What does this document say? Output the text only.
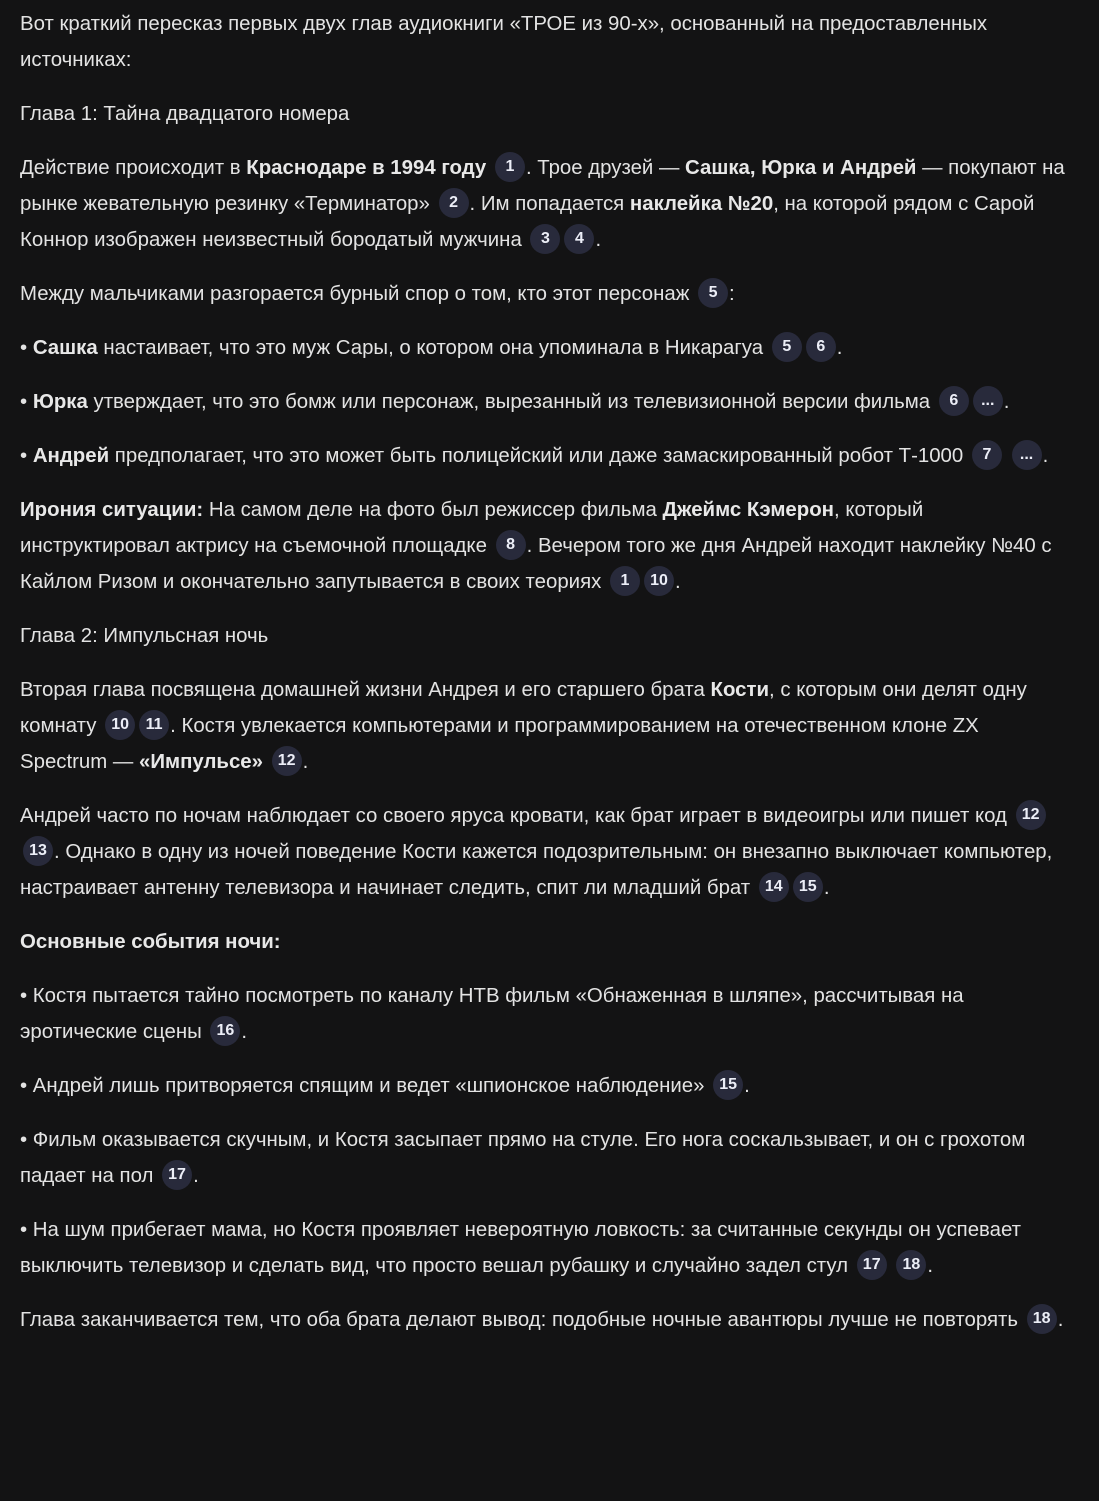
Вот краткий пересказ первых двух глав аудиокниги «ТРОЕ из 90-х», основанный на предоставленных источниках:

Глава 1: Тайна двадцатого номера

Действие происходит в Краснодаре в 1994 году 1 . Трое друзей — Сашка, Юрка и Андрей — покупают на рынке жевательную резинку «Терминатор» 2 . Им попадается наклейка №20, на которой рядом с Сарой Коннор изображен неизвестный бородатый мужчина 3 4 .

Между мальчиками разгорается бурный спор о том, кто этот персонаж 5 :

• Сашка настаивает, что это муж Сары, о котором она упоминала в Никарагуа 5 6 .

• Юрка утверждает, что это бомж или персонаж, вырезанный из телевизионной версии фильма 6 ... .

• Андрей предполагает, что это может быть полицейский или даже замаскированный робот Т-1000 7 ... .

Ирония ситуации: На самом деле на фото был режиссер фильма Джеймс Кэмерон, который инструктировал актрису на съемочной площадке 8 . Вечером того же дня Андрей находит наклейку №40 с Кайлом Ризом и окончательно запутывается в своих теориях 1 10 .

Глава 2: Импульсная ночь

Вторая глава посвящена домашней жизни Андрея и его старшего брата Кости, с которым они делят одну комнату 10 11 . Костя увлекается компьютерами и программированием на отечественном клоне ZX Spectrum — «Импульсе» 12 .

Андрей часто по ночам наблюдает со своего яруса кровати, как брат играет в видеоигры или пишет код 1213 . Однако в одну из ночей поведение Кости кажется подозрительным: он внезапно выключает компьютер, настраивает антенну телевизора и начинает следить, спит ли младший брат 14 15 .

Основные события ночи:

• Костя пытается тайно посмотреть по каналу НТВ фильм «Обнаженная в шляпе», рассчитывая на эротические сцены 16 .

• Андрей лишь притворяется спящим и ведет «шпионское наблюдение» 15 .

• Фильм оказывается скучным, и Костя засыпает прямо на стуле. Его нога соскальзывает, и он с грохотом падает на пол 17 .

• На шум прибегает мама, но Костя проявляет невероятную ловкость: за считанные секунды он успевает выключить телевизор и сделать вид, что просто вешал рубашку и случайно задел стул 17 18 .

Глава заканчивается тем, что оба брата делают вывод: подобные ночные авантюры лучше не повторять 18 .
